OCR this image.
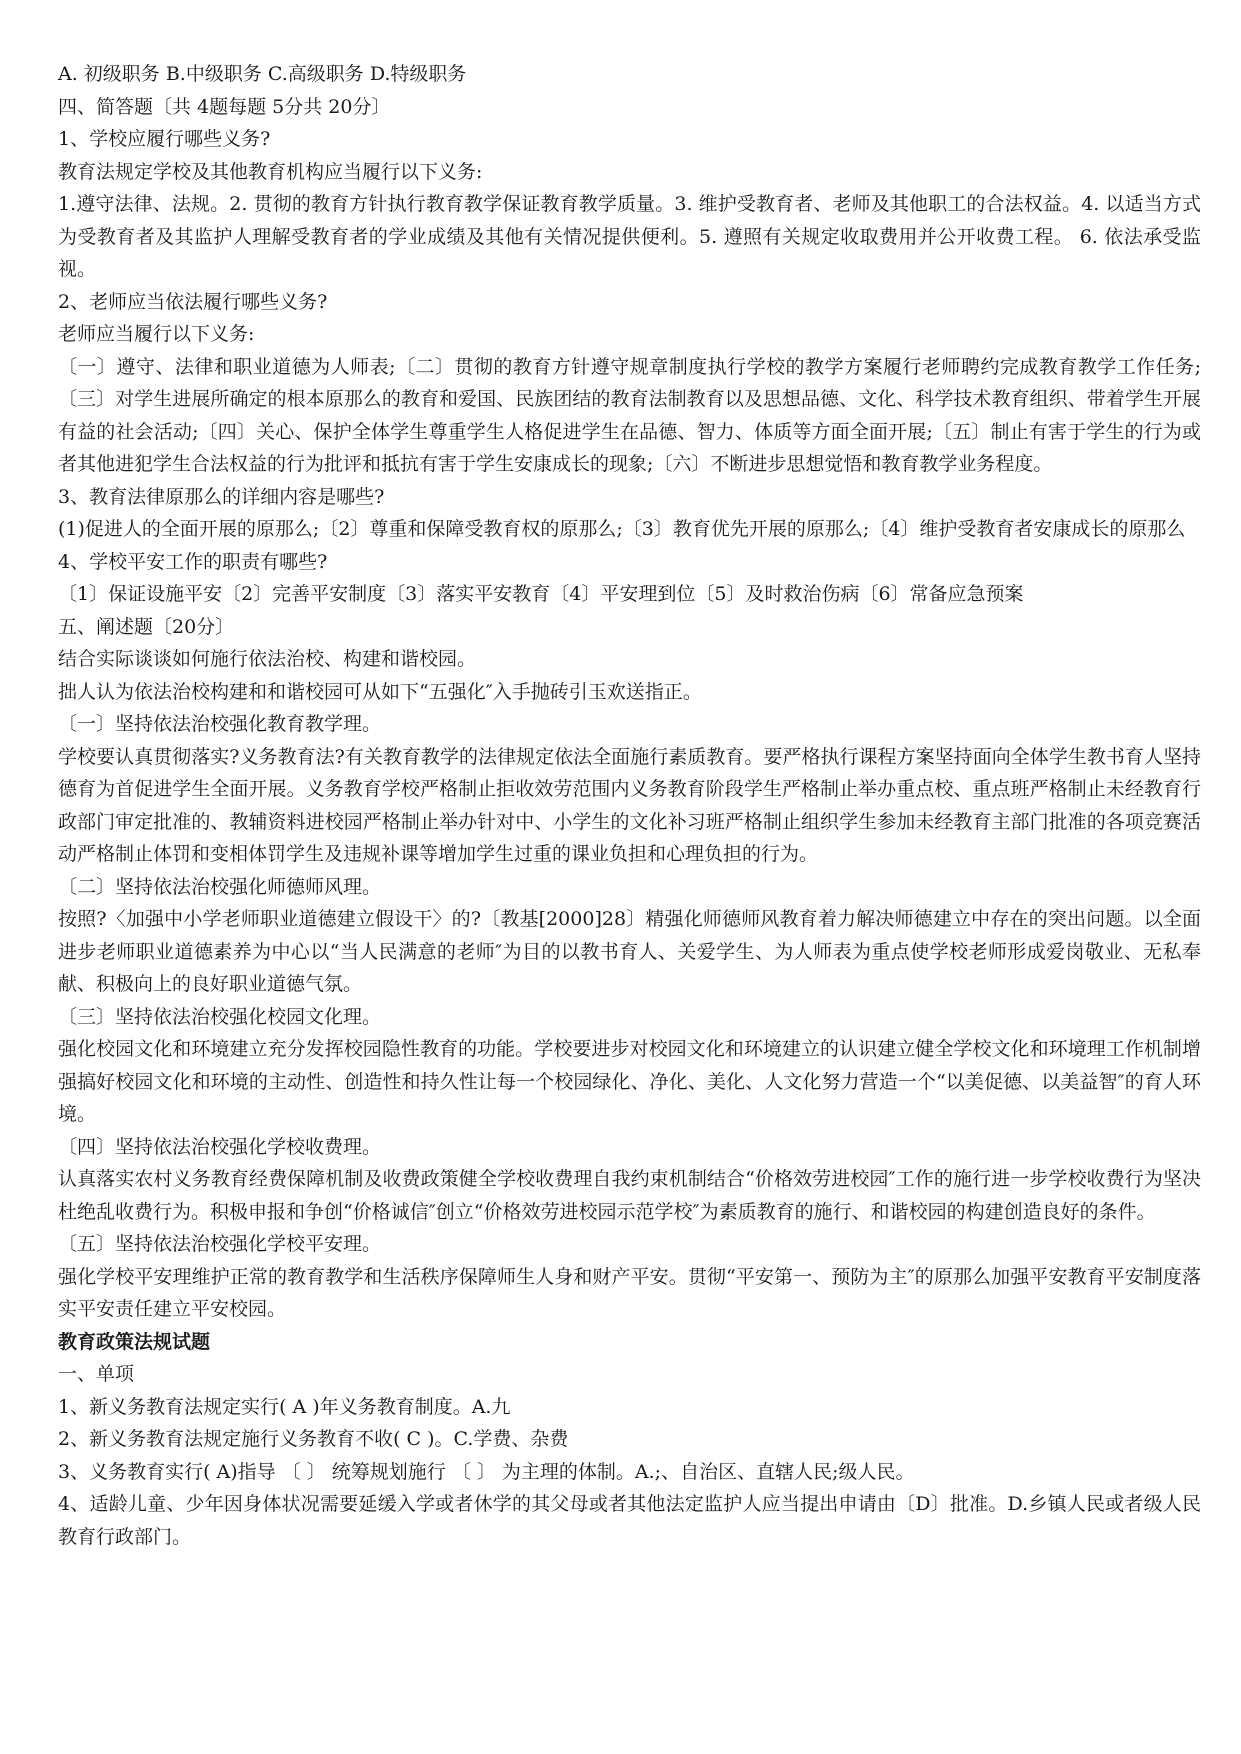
A. 初级职务 B.中级职务 C.高级职务 D.特级职务

四、简答题〔共 4题每题 5分共 20分〕

1、学校应履行哪些义务?

教育法规定学校及其他教育机构应当履行以下义务:

1.遵守法律、法规。2. 贯彻的教育方针执行教育教学保证教育教学质量。3. 维护受教育者、老师及其他职工的合法权益。4. 以适当方式为受教育者及其监护人理解受教育者的学业成绩及其他有关情况提供便利。5. 遵照有关规定收取费用并公开收费工程。 6. 依法承受监视。

2、老师应当依法履行哪些义务?

老师应当履行以下义务:

〔一〕遵守、法律和职业道德为人师表;〔二〕贯彻的教育方针遵守规章制度执行学校的教学方案履行老师聘约完成教育教学工作任务;〔三〕对学生进展所确定的根本原那么的教育和爱国、民族团结的教育法制教育以及思想品德、文化、科学技术教育组织、带着学生开展有益的社会活动;〔四〕关心、保护全体学生尊重学生人格促进学生在品德、智力、体质等方面全面开展;〔五〕制止有害于学生的行为或者其他进犯学生合法权益的行为批评和抵抗有害于学生安康成长的现象;〔六〕不断进步思想觉悟和教育教学业务程度。

3、教育法律原那么的详细内容是哪些?

(1)促进人的全面开展的原那么;〔2〕尊重和保障受教育权的原那么;〔3〕教育优先开展的原那么;〔4〕维护受教育者安康成长的原那么

4、学校平安工作的职责有哪些?

〔1〕保证设施平安〔2〕完善平安制度〔3〕落实平安教育〔4〕平安理到位〔5〕及时救治伤病〔6〕常备应急预案

五、阐述题〔20分〕

结合实际谈谈如何施行依法治校、构建和谐校园。

拙人认为依法治校构建和和谐校园可从如下“五强化″入手抛砖引玉欢送指正。

〔一〕坚持依法治校强化教育教学理。

学校要认真贯彻落实?义务教育法?有关教育教学的法律规定依法全面施行素质教育。要严格执行课程方案坚持面向全体学生教书育人坚持德育为首促进学生全面开展。义务教育学校严格制止拒收效劳范围内义务教育阶段学生严格制止举办重点校、重点班严格制止未经教育行政部门审定批准的、教辅资料进校园严格制止举办针对中、小学生的文化补习班严格制止组织学生参加未经教育主部门批准的各项竞赛活动严格制止体罚和变相体罚学生及违规补课等增加学生过重的课业负担和心理负担的行为。

〔二〕坚持依法治校强化师德师风理。

按照?〈加强中小学老师职业道德建立假设干〉的?〔教基[2000]28〕精强化师德师风教育着力解决师德建立中存在的突出问题。以全面进步老师职业道德素养为中心以“当人民满意的老师″为目的以教书育人、关爱学生、为人师表为重点使学校老师形成爱岗敬业、无私奉献、积极向上的良好职业道德气氛。

〔三〕坚持依法治校强化校园文化理。

强化校园文化和环境建立充分发挥校园隐性教育的功能。学校要进步对校园文化和环境建立的认识建立健全学校文化和环境理工作机制增强搞好校园文化和环境的主动性、创造性和持久性让每一个校园绿化、净化、美化、人文化努力营造一个“以美促德、以美益智″的育人环境。

〔四〕坚持依法治校强化学校收费理。

认真落实农村义务教育经费保障机制及收费政策健全学校收费理自我约束机制结合“价格效劳进校园″工作的施行进一步学校收费行为坚决杜绝乱收费行为。积极申报和争创“价格诚信″创立“价格效劳进校园示范学校″为素质教育的施行、和谐校园的构建创造良好的条件。

〔五〕坚持依法治校强化学校平安理。

强化学校平安理维护正常的教育教学和生活秩序保障师生人身和财产平安。贯彻“平安第一、预防为主″的原那么加强平安教育平安制度落实平安责任建立平安校园。

教育政策法规试题

一、单项

1、新义务教育法规定实行( A )年义务教育制度。A.九

2、新义务教育法规定施行义务教育不收( C )。C.学费、杂费

3、义务教育实行( A)指导 〔 〕 统筹规划施行 〔 〕 为主理的体制。A.;、自治区、直辖人民;级人民。

4、适龄儿童、少年因身体状况需要延缓入学或者休学的其父母或者其他法定监护人应当提出申请由〔D〕批准。D.乡镇人民或者级人民教育行政部门。
